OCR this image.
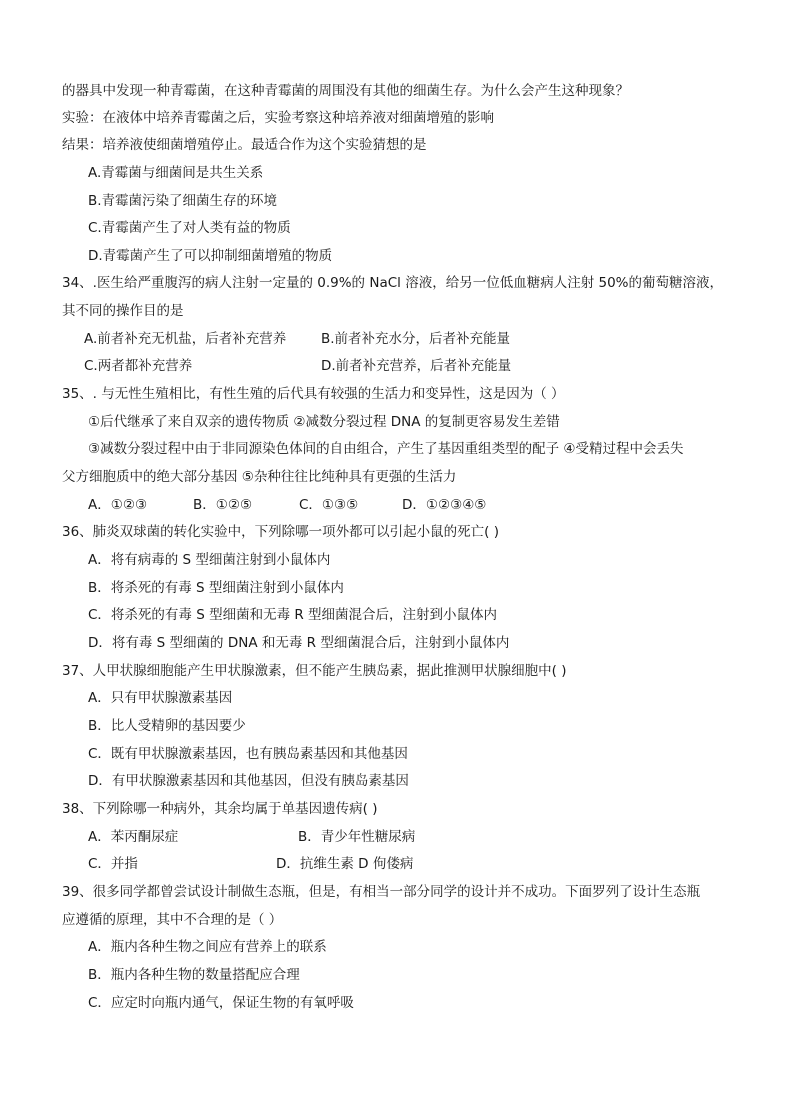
的器具中发现一种青霉菌，在这种青霉菌的周围没有其他的细菌生存。为什么会产生这种现象？
实验：在液体中培养青霉菌之后，实验考察这种培养液对细菌增殖的影响
结果：培养液使细菌增殖停止。最适合作为这个实验猜想的是
A.青霉菌与细菌间是共生关系
B.青霉菌污染了细菌生存的环境
C.青霉菌产生了对人类有益的物质
D.青霉菌产生了可以抑制细菌增殖的物质
34、.医生给严重腹泻的病人注射一定量的 0.9%的 NaCl 溶液，给另一位低血糖病人注射 50%的葡萄糖溶液，
其不同的操作目的是
A.前者补充无机盐，后者补充营养	B.前者补充水分，后者补充能量
C.两者都补充营养	D.前者补充营养，后者补充能量
35、. 与无性生殖相比，有性生殖的后代具有较强的生活力和变异性，这是因为（ ）
①后代继承了来自双亲的遗传物质 ②减数分裂过程 DNA 的复制更容易发生差错
③减数分裂过程中由于非同源染色体间的自由组合，产生了基因重组类型的配子 ④受精过程中会丢失
父方细胞质中的绝大部分基因 ⑤杂种往往比纯种具有更强的生活力
A．①②③	B．①②⑤	C．①③⑤	D．①②③④⑤
36、肺炎双球菌的转化实验中，下列除哪一项外都可以引起小鼠的死亡( )
A．将有病毒的 S 型细菌注射到小鼠体内
B．将杀死的有毒 S 型细菌注射到小鼠体内
C．将杀死的有毒 S 型细菌和无毒 R 型细菌混合后，注射到小鼠体内
D．将有毒 S 型细菌的 DNA 和无毒 R 型细菌混合后，注射到小鼠体内
37、人甲状腺细胞能产生甲状腺激素，但不能产生胰岛素，据此推测甲状腺细胞中( )
A．只有甲状腺激素基因
B．比人受精卵的基因要少
C．既有甲状腺激素基因，也有胰岛素基因和其他基因
D．有甲状腺激素基因和其他基因，但没有胰岛素基因
38、下列除哪一种病外，其余均属于单基因遗传病( )
A．苯丙酮尿症	B．青少年性糖尿病
C．并指	D．抗维生素 D 佝偻病
39、很多同学都曾尝试设计制做生态瓶，但是，有相当一部分同学的设计并不成功。下面罗列了设计生态瓶
应遵循的原理，其中不合理的是（ ）
A．瓶内各种生物之间应有营养上的联系
B．瓶内各种生物的数量搭配应合理
C．应定时向瓶内通气，保证生物的有氧呼吸
